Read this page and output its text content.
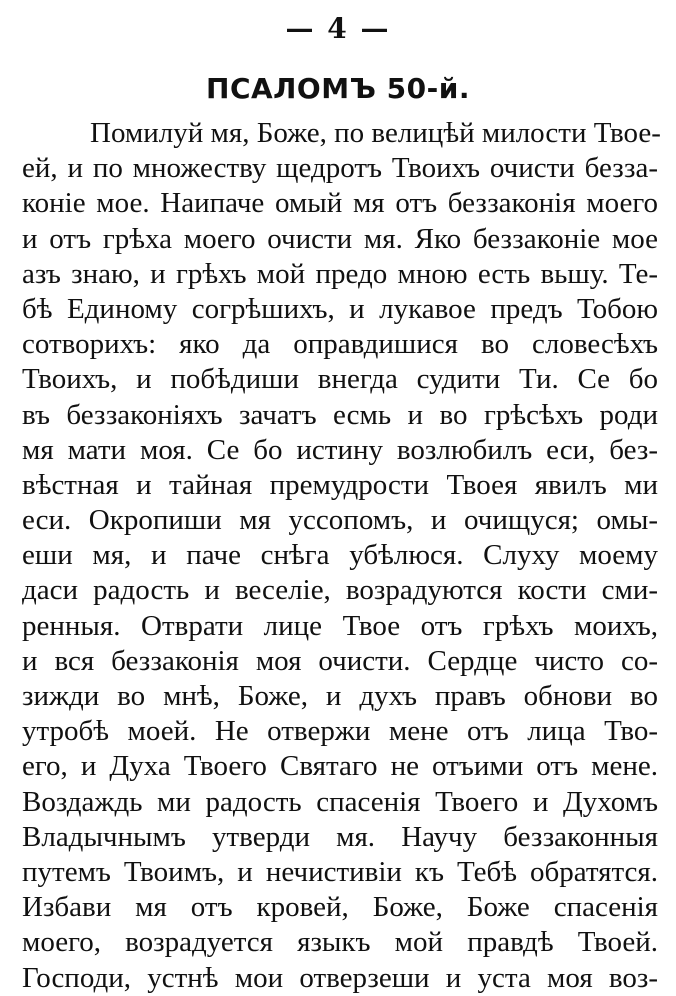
— 4 —
ПСАЛОМЪ 50-й.
Помилуй мя, Боже, по велицѣй милости Твое-
ей, и по множеству щедротъ Твоихъ очисти беззa-
коніе мое. Наипаче омый мя отъ беззаконія моего
и отъ грѣха моего очисти мя. Яко беззаконіе мое
азъ знаю, и грѣхъ мой предо мною есть вьшу. Те-
бѣ Единому согрѣшихъ, и лукавое предъ Тобою
сотворихъ: яко да оправдишися во словесѣхъ
Твоихъ, и побѣдиши внегда судити Ти. Се бо
въ беззаконіяхъ зачатъ есмь и во грѣсѣхъ роди
мя мати моя. Се бо истину возлюбилъ еси, без-
вѣстная и тайная премудрости Твоея явилъ ми
еси. Окропиши мя уссопомъ, и очищуся; омы-
еши мя, и паче снѣга убѣлюся. Слуху моему
даси радость и веселіе, возрадуются кости сми-
ренныя. Отврати лице Твое отъ грѣхъ моихъ,
и вся беззаконія моя очисти. Сердце чисто со-
зижди во мнѣ, Боже, и духъ правъ обнови во
утробѣ моей. Не отвержи мене отъ лица Тво-
его, и Духа Твоего Святаго не отъими отъ мене.
Воздаждь ми радость спасенія Твоего и Духомъ
Владычнымъ утверди мя. Научу беззаконныя
путемъ Твоимъ, и нечистивіи къ Тебѣ обратятся.
Избави мя отъ кровей, Боже, Боже спасенія
моего, возрадуется языкъ мой правдѣ Твоей.
Господи, устнѣ мои отверзеши и уста моя воз-
